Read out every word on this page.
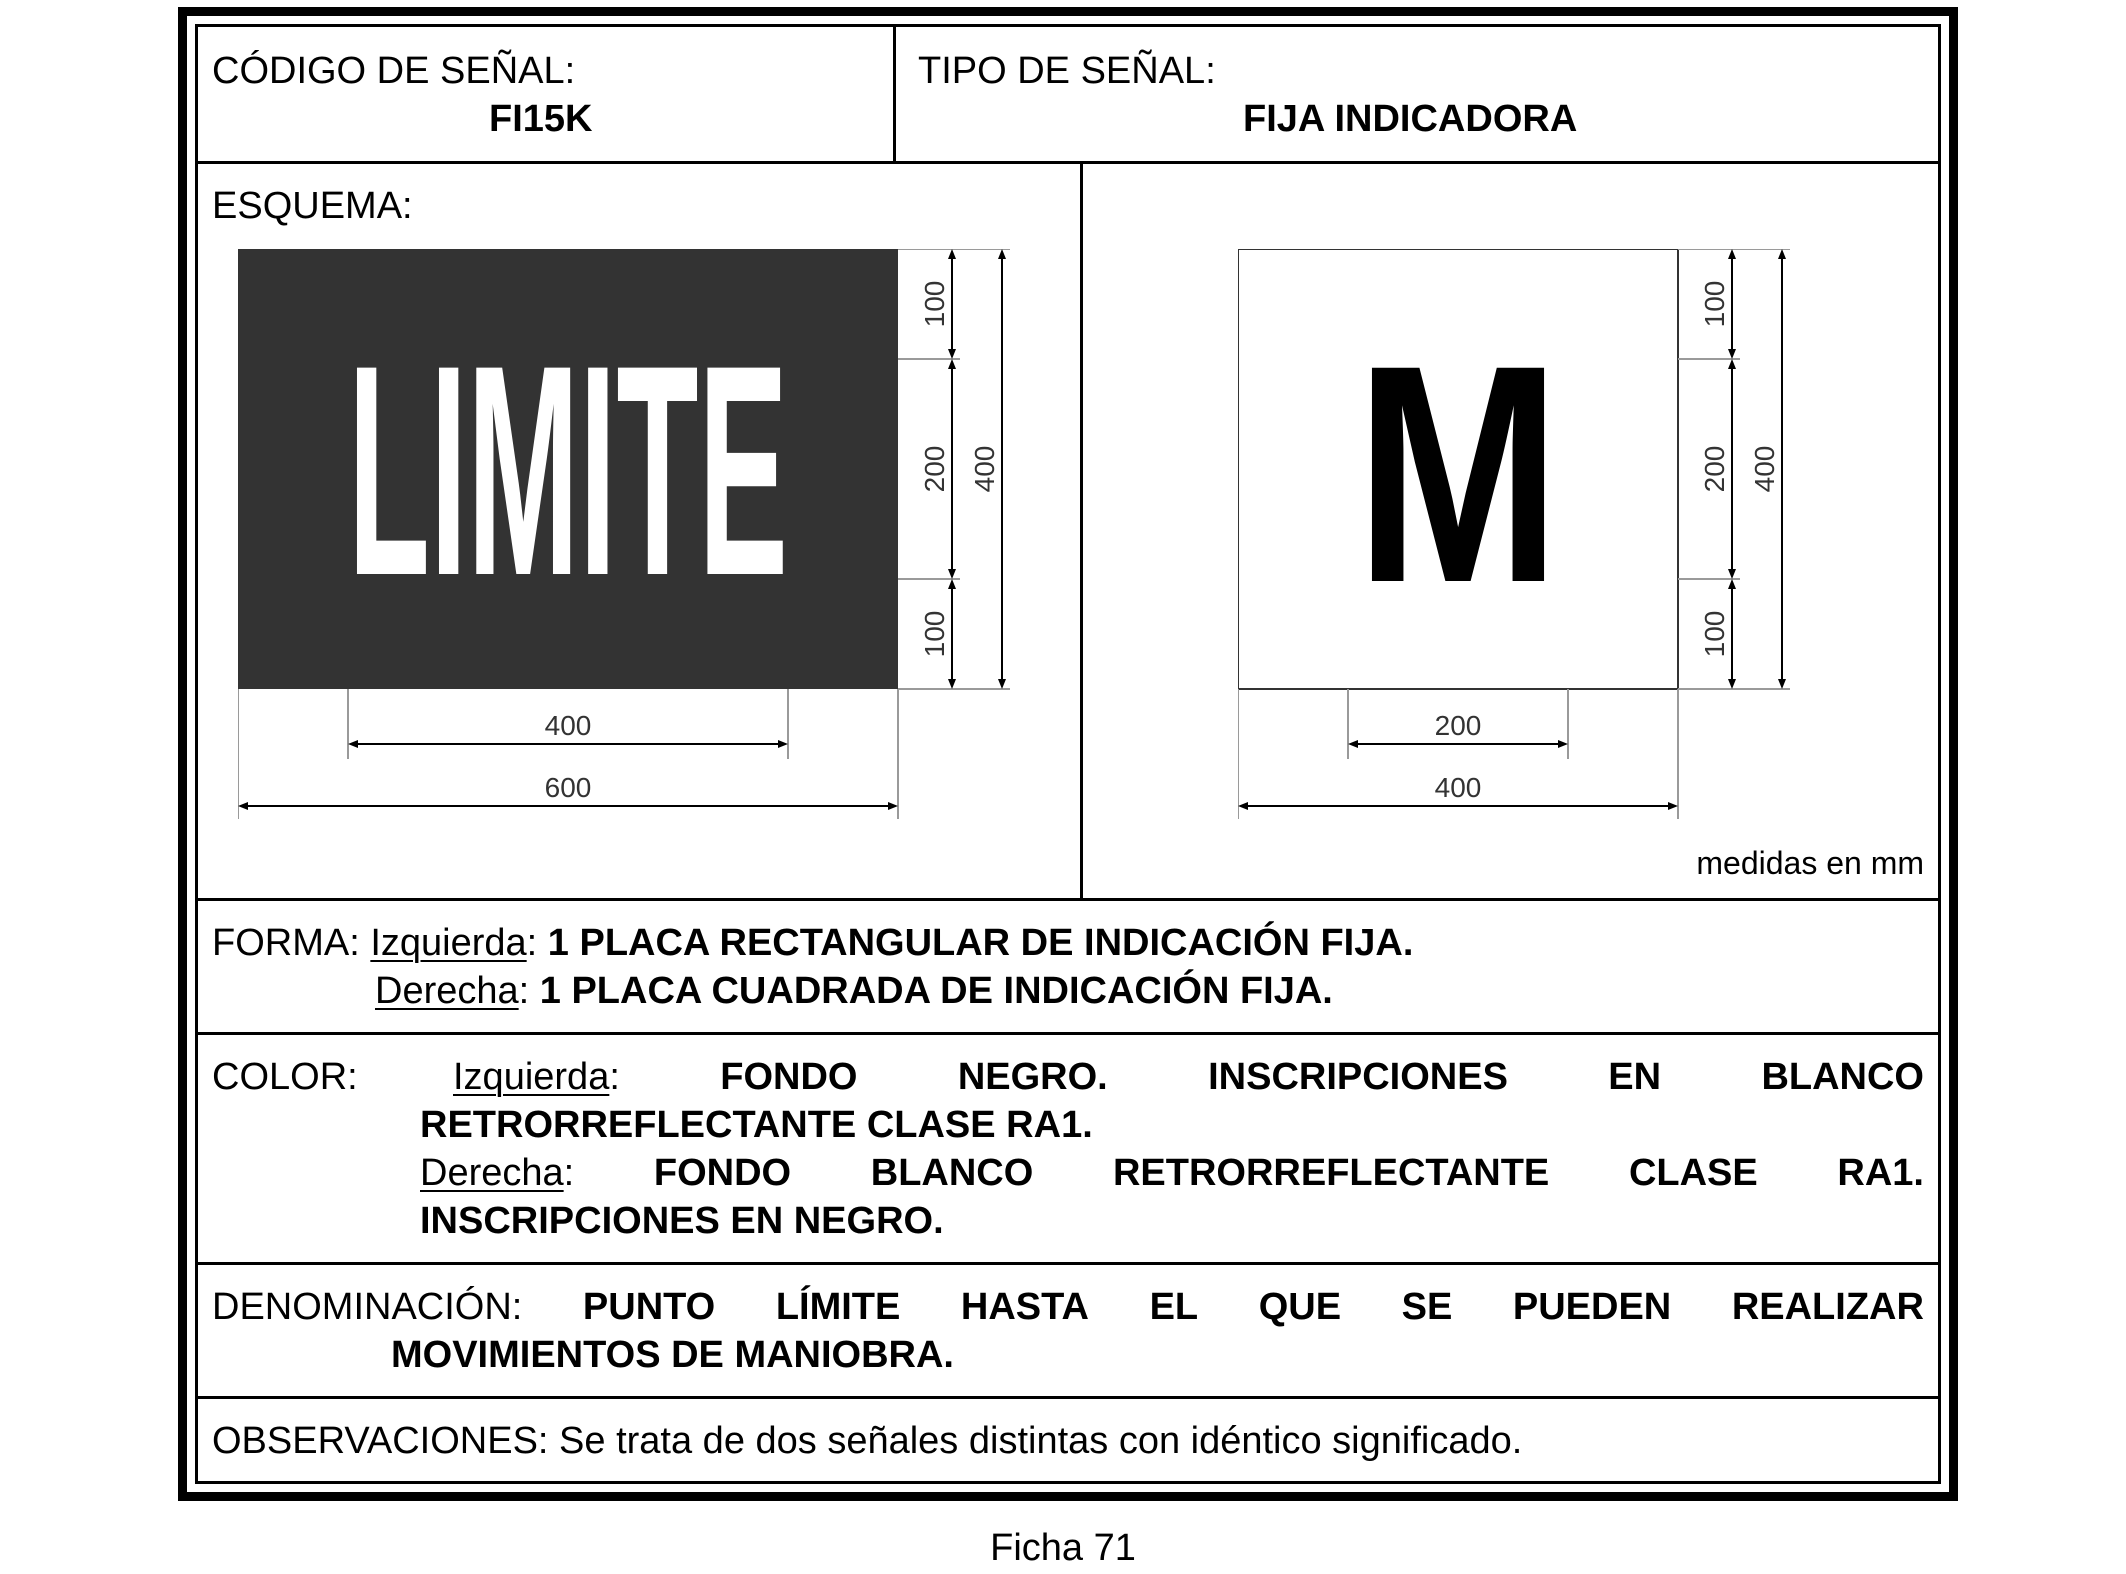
CÓDIGO DE SEÑAL:
FI15K
TIPO DE SEÑAL:
FIJA INDICADORA
ESQUEMA:
LIMITE	100
200
100
400
400
600
M	100
200
100
400
200
400
medidas en mm
FORMA: Izquierda: 1 PLACA RECTANGULAR DE INDICACIÓN FIJA.
Derecha: 1 PLACA CUADRADA DE INDICACIÓN FIJA.
COLOR:	Izquierda:	FONDO	NEGRO.	INSCRIPCIONES	EN	BLANCO
RETRORREFLECTANTE CLASE RA1.
Derecha: FONDO BLANCO RETRORREFLECTANTE CLASE RA1.
INSCRIPCIONES EN NEGRO.
DENOMINACIÓN: PUNTO LÍMITE HASTA EL QUE SE PUEDEN REALIZAR
MOVIMIENTOS DE MANIOBRA.
OBSERVACIONES: Se trata de dos señales distintas con idéntico significado.
Ficha 71
